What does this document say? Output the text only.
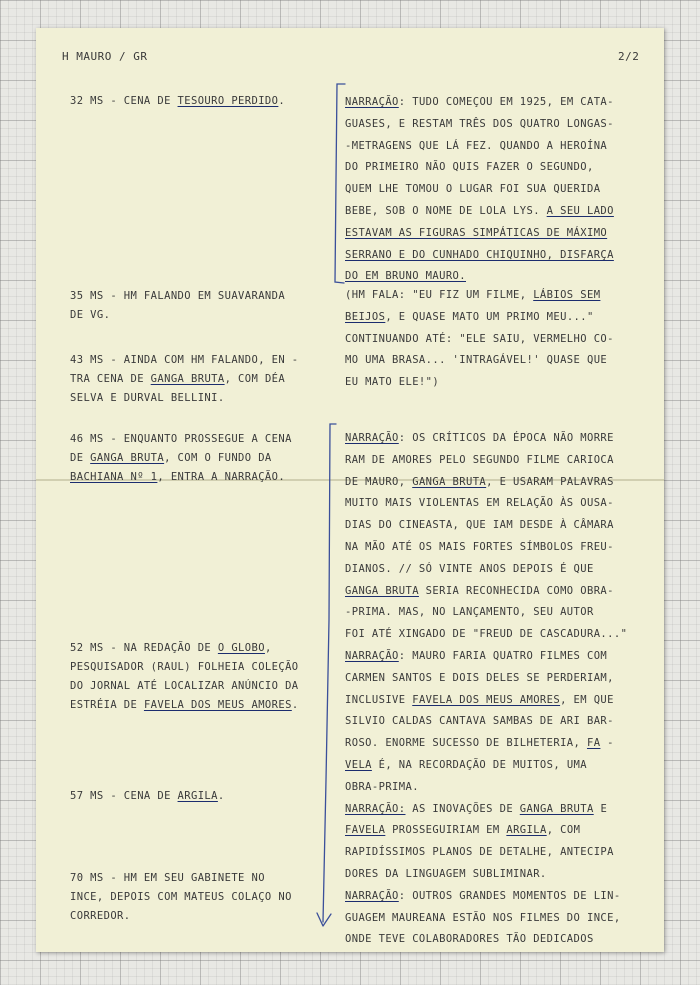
H MAURO / GR	2/2
32 MS - CENA DE TESOURO PERDIDO.
35 MS - HM FALANDO EM SUAVARANDA
DE VG.
43 MS - AINDA COM HM FALANDO, EN -
TRA CENA DE GANGA BRUTA, COM DÉA
SELVA E DURVAL BELLINI.
46 MS - ENQUANTO PROSSEGUE A CENA
DE GANGA BRUTA, COM O FUNDO DA
BACHIANA Nº 1, ENTRA A NARRAÇÃO.
52 MS - NA REDAÇÃO DE O GLOBO,
PESQUISADOR (RAUL) FOLHEIA COLEÇÃO
DO JORNAL ATÉ LOCALIZAR ANÚNCIO DA
ESTRÉIA DE FAVELA DOS MEUS AMORES.
57 MS - CENA DE ARGILA.
70 MS - HM EM SEU GABINETE NO
INCE, DEPOIS COM MATEUS COLAÇO NO
CORREDOR.
NARRAÇÃO: TUDO COMEÇOU EM 1925, EM CATA-
GUASES, E RESTAM TRÊS DOS QUATRO LONGAS-
-METRAGENS QUE LÁ FEZ. QUANDO A HEROÍNA
DO PRIMEIRO NÃO QUIS FAZER O SEGUNDO,
QUEM LHE TOMOU O LUGAR FOI SUA QUERIDA
BEBE, SOB O NOME DE LOLA LYS. A SEU LADO
ESTAVAM AS FIGURAS SIMPÁTICAS DE MÁXIMO
SERRANO E DO CUNHADO CHIQUINHO, DISFARÇA
DO EM BRUNO MAURO.
(HM FALA: "EU FIZ UM FILME, LÁBIOS SEM
BEIJOS, E QUASE MATO UM PRIMO MEU..."
CONTINUANDO ATÉ: "ELE SAIU, VERMELHO CO-
MO UMA BRASA... 'INTRAGÁVEL!' QUASE QUE
EU MATO ELE!")
NARRAÇÃO: OS CRÍTICOS DA ÉPOCA NÃO MORRE
RAM DE AMORES PELO SEGUNDO FILME CARIOCA
DE MAURO, GANGA BRUTA, E USARAM PALAVRAS
MUITO MAIS VIOLENTAS EM RELAÇÃO ÀS OUSA-
DIAS DO CINEASTA, QUE IAM DESDE À CÂMARA
NA MÃO ATÉ OS MAIS FORTES SÍMBOLOS FREU-
DIANOS. // SÓ VINTE ANOS DEPOIS É QUE
GANGA BRUTA SERIA RECONHECIDA COMO OBRA-
-PRIMA. MAS, NO LANÇAMENTO, SEU AUTOR
FOI ATÉ XINGADO DE "FREUD DE CASCADURA..."
NARRAÇÃO: MAURO FARIA QUATRO FILMES COM
CARMEN SANTOS E DOIS DELES SE PERDERIAM,
INCLUSIVE FAVELA DOS MEUS AMORES, EM QUE
SILVIO CALDAS CANTAVA SAMBAS DE ARI BAR-
ROSO. ENORME SUCESSO DE BILHETERIA, FA -
VELA É, NA RECORDAÇÃO DE MUITOS, UMA
OBRA-PRIMA.
NARRAÇÃO: AS INOVAÇÕES DE GANGA BRUTA E
FAVELA PROSSEGUIRIAM EM ARGILA, COM
RAPIDÍSSIMOS PLANOS DE DETALHE, ANTECIPA
DORES DA LINGUAGEM SUBLIMINAR.
NARRAÇÃO: OUTROS GRANDES MOMENTOS DE LIN-
GUAGEM MAUREANA ESTÃO NOS FILMES DO INCE,
ONDE TEVE COLABORADORES TÃO DEDICADOS
